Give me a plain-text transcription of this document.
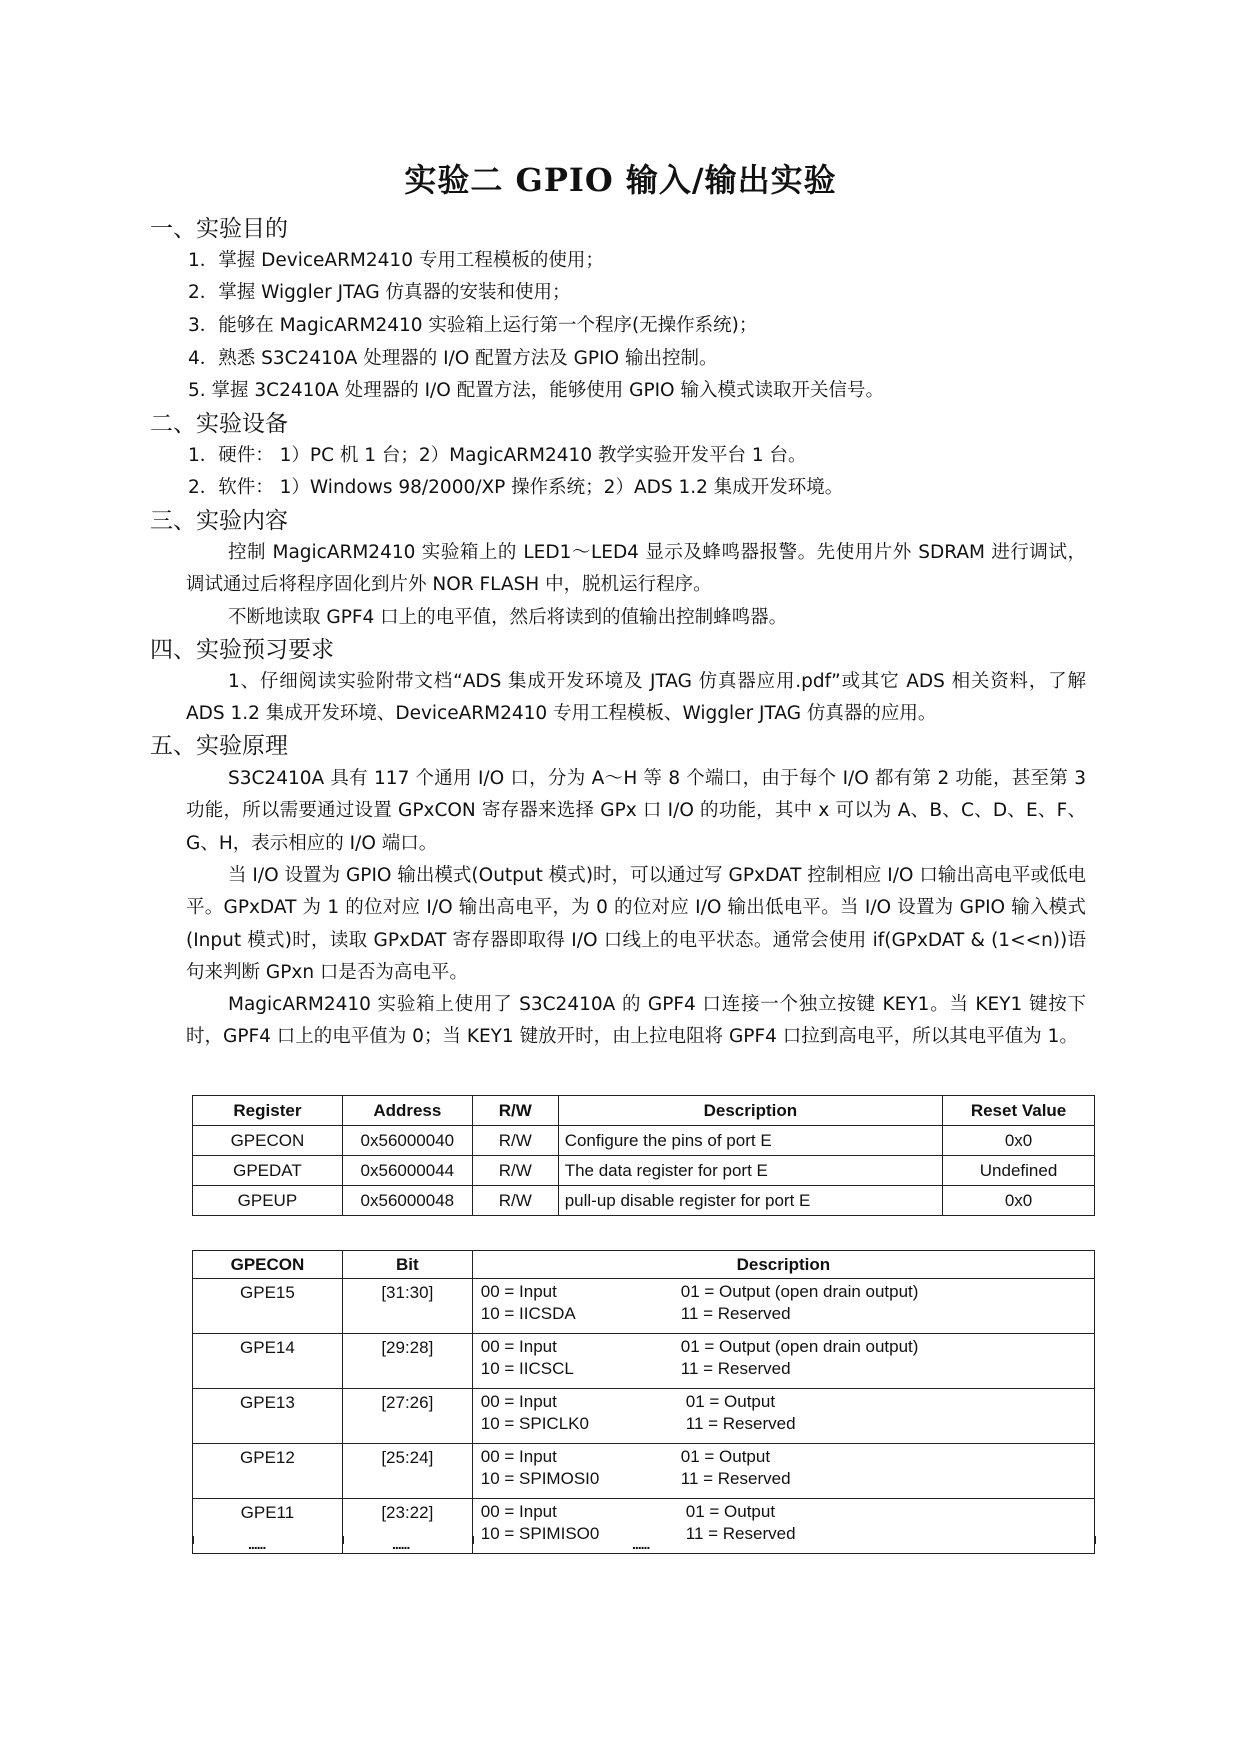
实验二 GPIO 输入/输出实验
一、实验目的
1．掌握 DeviceARM2410 专用工程模板的使用；
2．掌握 Wiggler JTAG 仿真器的安装和使用；
3．能够在 MagicARM2410 实验箱上运行第一个程序(无操作系统)；
4．熟悉 S3C2410A 处理器的 I/O 配置方法及 GPIO 输出控制。
5. 掌握 3C2410A 处理器的 I/O 配置方法，能够使用 GPIO 输入模式读取开关信号。
二、实验设备
1．硬件： 1）PC 机 1 台；2）MagicARM2410 教学实验开发平台 1 台。
2．软件： 1）Windows 98/2000/XP 操作系统；2）ADS 1.2 集成开发环境。
三、实验内容
控制 MagicARM2410 实验箱上的 LED1～LED4 显示及蜂鸣器报警。先使用片外 SDRAM 进行调试，调试通过后将程序固化到片外 NOR FLASH 中，脱机运行程序。
不断地读取 GPF4 口上的电平值，然后将读到的值输出控制蜂鸣器。
四、实验预习要求
1、仔细阅读实验附带文档“ADS 集成开发环境及 JTAG 仿真器应用.pdf”或其它 ADS 相关资料，了解 ADS 1.2 集成开发环境、DeviceARM2410 专用工程模板、Wiggler JTAG 仿真器的应用。
五、实验原理
S3C2410A 具有 117 个通用 I/O 口，分为 A～H 等 8 个端口，由于每个 I/O 都有第 2 功能，甚至第 3 功能，所以需要通过设置 GPxCON 寄存器来选择 GPx 口 I/O 的功能，其中 x 可以为 A、B、C、D、E、F、G、H，表示相应的 I/O 端口。
当 I/O 设置为 GPIO 输出模式(Output 模式)时，可以通过写 GPxDAT 控制相应 I/O 口输出高电平或低电平。GPxDAT 为 1 的位对应 I/O 输出高电平，为 0 的位对应 I/O 输出低电平。当 I/O 设置为 GPIO 输入模式(Input 模式)时，读取 GPxDAT 寄存器即取得 I/O 口线上的电平状态。通常会使用 if(GPxDAT & (1<<n))语句来判断 GPxn 口是否为高电平。
MagicARM2410 实验箱上使用了 S3C2410A 的 GPF4 口连接一个独立按键 KEY1。当 KEY1 键按下时，GPF4 口上的电平值为 0；当 KEY1 键放开时，由上拉电阻将 GPF4 口拉到高电平，所以其电平值为 1。
Register	Address	R/W	Description	Reset Value
GPECON	0x56000040	R/W	Configure the pins of port E	0x0
GPEDAT	0x56000044	R/W	The data register for port E	Undefined
GPEUP	0x56000048	R/W	pull-up disable register for port E	0x0
GPECON	Bit	Description
GPE15	[31:30]	00 = Input 01 = Output (open drain output)
10 = IICSDA 11 = Reserved
GPE14	[29:28]	00 = Input 01 = Output (open drain output)
10 = IICSCL 11 = Reserved
GPE13	[27:26]	00 = Input 01 = Output
10 = SPICLK0 11 = Reserved
GPE12	[25:24]	00 = Input 01 = Output
10 = SPIMOSI0 11 = Reserved
GPE11	[23:22]	00 = Input 01 = Output
10 = SPIMISO0 11 = Reserved
......	......	......
